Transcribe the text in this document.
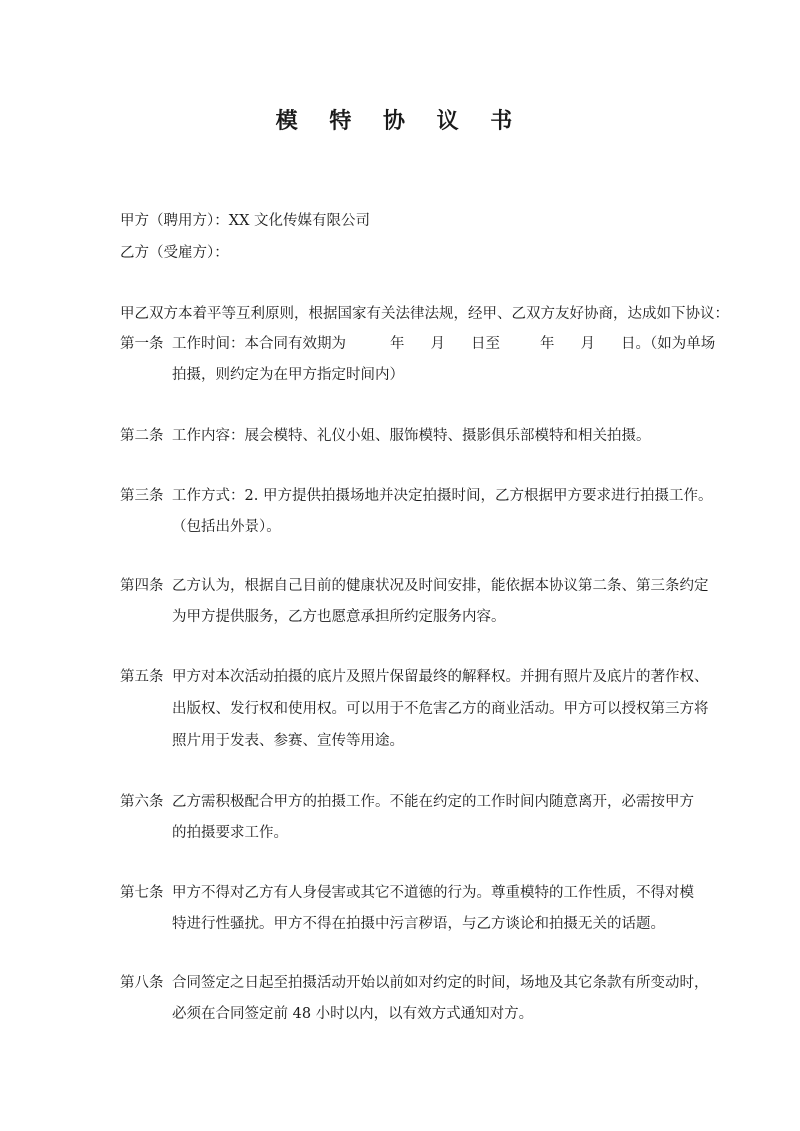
模 特 协 议 书
甲方（聘用方）：XX 文化传媒有限公司
乙方（受雇方）：
甲乙双方本着平等互利原则，根据国家有关法律法规，经甲、乙双方友好协商，达成如下协议：
第一条 工作时间：本合同有效期为	年 月 日至	年 月 日。（如为单场
拍摄，则约定为在甲方指定时间内）
第二条 工作内容：展会模特、礼仪小姐、服饰模特、摄影俱乐部模特和相关拍摄。
第三条 工作方式：2. 甲方提供拍摄场地并决定拍摄时间，乙方根据甲方要求进行拍摄工作。
（包括出外景）。
第四条 乙方认为，根据自己目前的健康状况及时间安排，能依据本协议第二条、第三条约定
为甲方提供服务，乙方也愿意承担所约定服务内容。
第五条 甲方对本次活动拍摄的底片及照片保留最终的解释权。并拥有照片及底片的著作权、
出版权、发行权和使用权。可以用于不危害乙方的商业活动。甲方可以授权第三方将
照片用于发表、参赛、宣传等用途。
第六条 乙方需积极配合甲方的拍摄工作。不能在约定的工作时间内随意离开，必需按甲方
的拍摄要求工作。
第七条 甲方不得对乙方有人身侵害或其它不道德的行为。尊重模特的工作性质，不得对模
特进行性骚扰。甲方不得在拍摄中污言秽语，与乙方谈论和拍摄无关的话题。
第八条 合同签定之日起至拍摄活动开始以前如对约定的时间，场地及其它条款有所变动时，
必须在合同签定前 48 小时以内，以有效方式通知对方。
